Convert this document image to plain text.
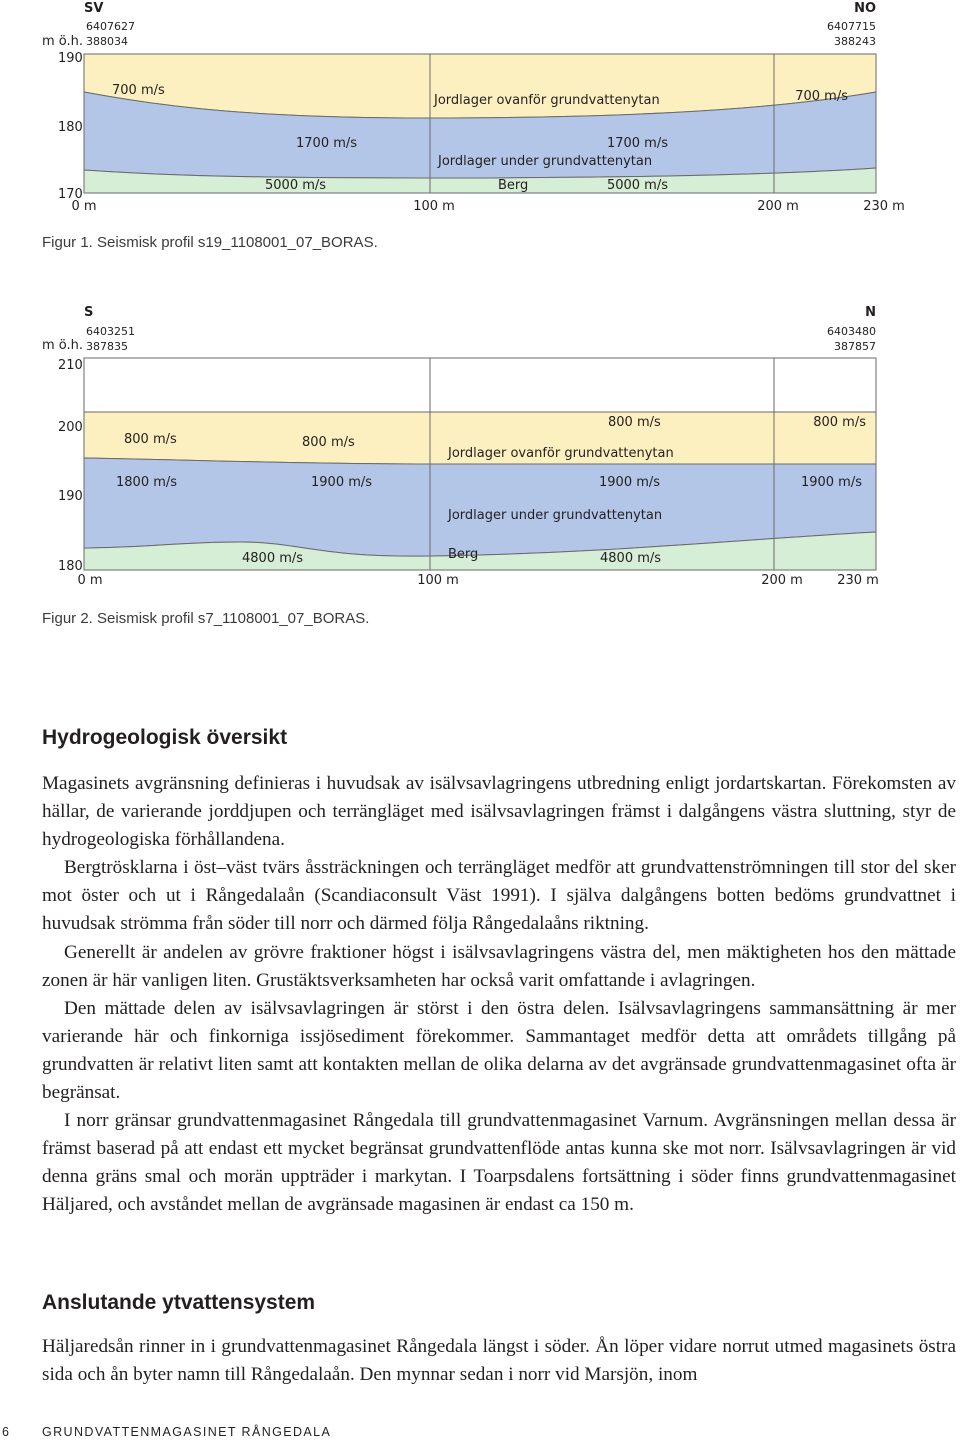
SV	NO
m ö.h.
6407627
388034
6407715
388243
190
180
170
0 m	100 m	200 m	230 m
700 m/s	700 m/s
Jordlager ovanför grundvattenytan
1700 m/s	1700 m/s
Jordlager under grundvattenytan
5000 m/s	Berg	5000 m/s
Figur 1. Seismisk profil s19_1108001_07_BORAS.
S	N
m ö.h.
6403251
387835
6403480
387857
210
200
190
180
0 m	100 m	200 m	230 m
800 m/s	800 m/s
800 m/s	800 m/s
Jordlager ovanför grundvattenytan
1800 m/s	1900 m/s	1900 m/s	1900 m/s
Jordlager under grundvattenytan
4800 m/s	Berg	4800 m/s
Figur 2. Seismisk profil s7_1108001_07_BORAS.
Hydrogeologisk översikt

Magasinets avgränsning definieras i huvudsak av isälvsavlagringens utbredning enligt jordartskartan. Förekomsten av hällar, de varierande jorddjupen och terrängläget med isälvsavlagringen främst i dalgångens västra sluttning, styr de hydrogeologiska förhållandena.

Bergtrösklarna i öst–väst tvärs åssträckningen och terrängläget medför att grundvattenströmningen till stor del sker mot öster och ut i Rångedalaån (Scandiaconsult Väst 1991). I själva dalgångens botten bedöms grundvattnet i huvudsak strömma från söder till norr och därmed följa Rångedalaåns riktning.

Generellt är andelen av grövre fraktioner högst i isälvsavlagringens västra del, men mäktigheten hos den mättade zonen är här vanligen liten. Grustäktsverksamheten har också varit omfattande i avlagringen.

Den mättade delen av isälvsavlagringen är störst i den östra delen. Isälvsavlagringens sammansättning är mer varierande här och finkorniga issjösediment förekommer. Sammantaget medför detta att områdets tillgång på grundvatten är relativt liten samt att kontakten mellan de olika delarna av det avgränsade grundvattenmagasinet ofta är begränsat.

I norr gränsar grundvattenmagasinet Rångedala till grundvattenmagasinet Varnum. Avgränsningen mellan dessa är främst baserad på att endast ett mycket begränsat grundvattenflöde antas kunna ske mot norr. Isälvsavlagringen är vid denna gräns smal och morän uppträder i markytan. I Toarpsdalens fortsättning i söder finns grundvattenmagasinet Häljared, och avståndet mellan de avgränsade magasinen är endast ca 150 m.

Anslutande ytvattensystem

Häljaredsån rinner in i grundvattenmagasinet Rångedala längst i söder. Ån löper vidare norrut utmed magasinets östra sida och ån byter namn till Rångedalaån. Den mynnar sedan i norr vid Marsjön, inom

6	GRUNDVATTENMAGASINET RÅNGEDALA
